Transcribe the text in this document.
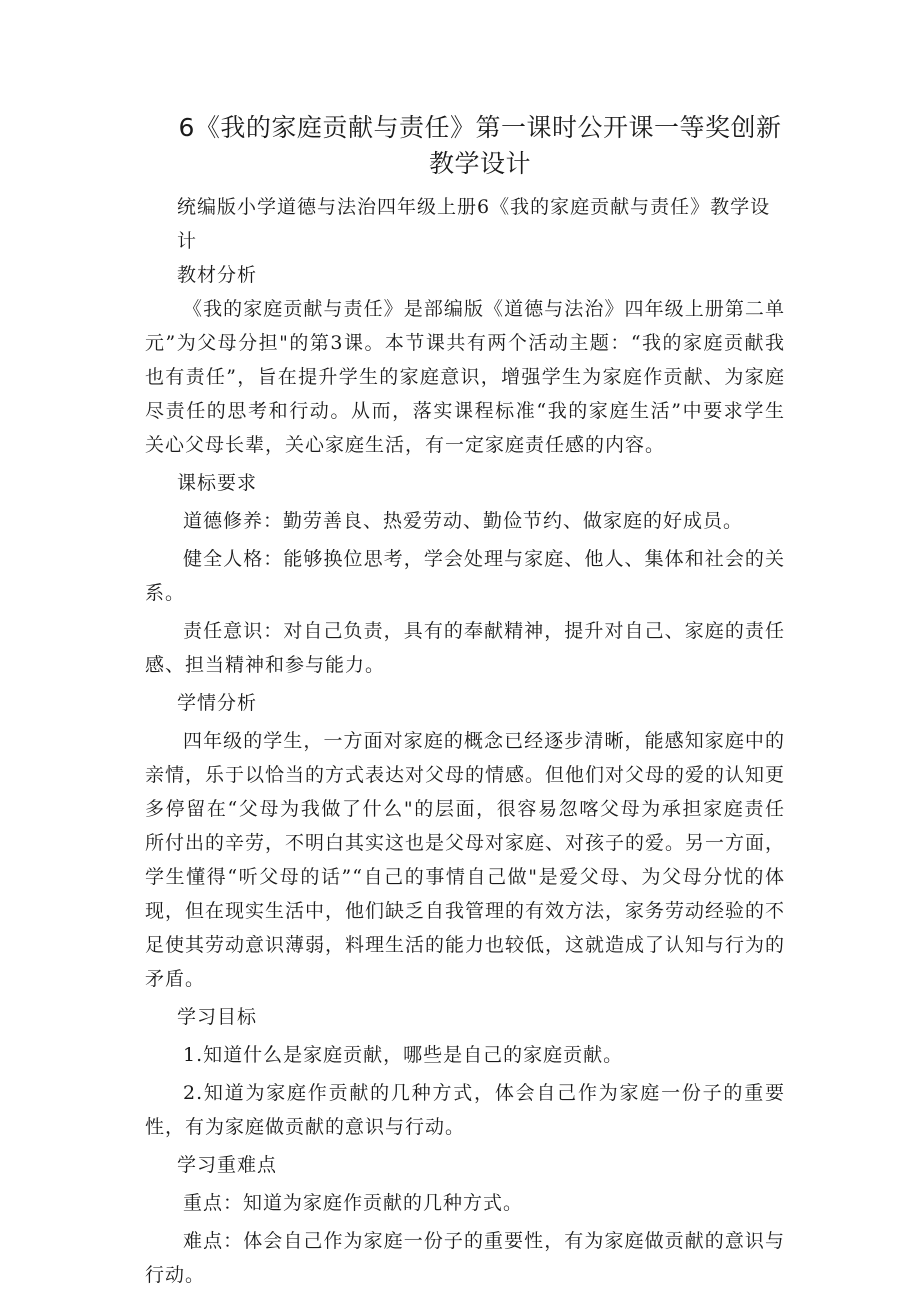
6《我的家庭贡献与责任》第一课时公开课一等奖创新
教学设计

统编版小学道德与法治四年级上册6《我的家庭贡献与责任》教学设计

教材分析

《我的家庭贡献与责任》是部编版《道德与法治》四年级上册第二单元”为父母分担"的第3课。本节课共有两个活动主题：“我的家庭贡献我也有责任”，旨在提升学生的家庭意识，增强学生为家庭作贡献、为家庭尽责任的思考和行动。从而，落实课程标准“我的家庭生活”中要求学生关心父母长辈，关心家庭生活，有一定家庭责任感的内容。

课标要求

道德修养：勤劳善良、热爱劳动、勤俭节约、做家庭的好成员。

健全人格：能够换位思考，学会处理与家庭、他人、集体和社会的关系。

责任意识：对自己负责，具有的奉献精神，提升对自己、家庭的责任感、担当精神和参与能力。

学情分析

四年级的学生，一方面对家庭的概念已经逐步清晰，能感知家庭中的亲情，乐于以恰当的方式表达对父母的情感。但他们对父母的爱的认知更多停留在“父母为我做了什么"的层面，很容易忽喀父母为承担家庭责任所付出的辛劳，不明白其实这也是父母对家庭、对孩子的爱。另一方面，学生懂得“听父母的话”“自己的事情自己做"是爱父母、为父母分忧的体现，但在现实生活中，他们缺乏自我管理的有效方法，家务劳动经验的不足使其劳动意识薄弱，料理生活的能力也较低，这就造成了认知与行为的矛盾。

学习目标

1.知道什么是家庭贡献，哪些是自己的家庭贡献。

2.知道为家庭作贡献的几种方式，体会自己作为家庭一份子的重要性，有为家庭做贡献的意识与行动。

学习重难点

重点：知道为家庭作贡献的几种方式。

难点：体会自己作为家庭一份子的重要性，有为家庭做贡献的意识与行动。
